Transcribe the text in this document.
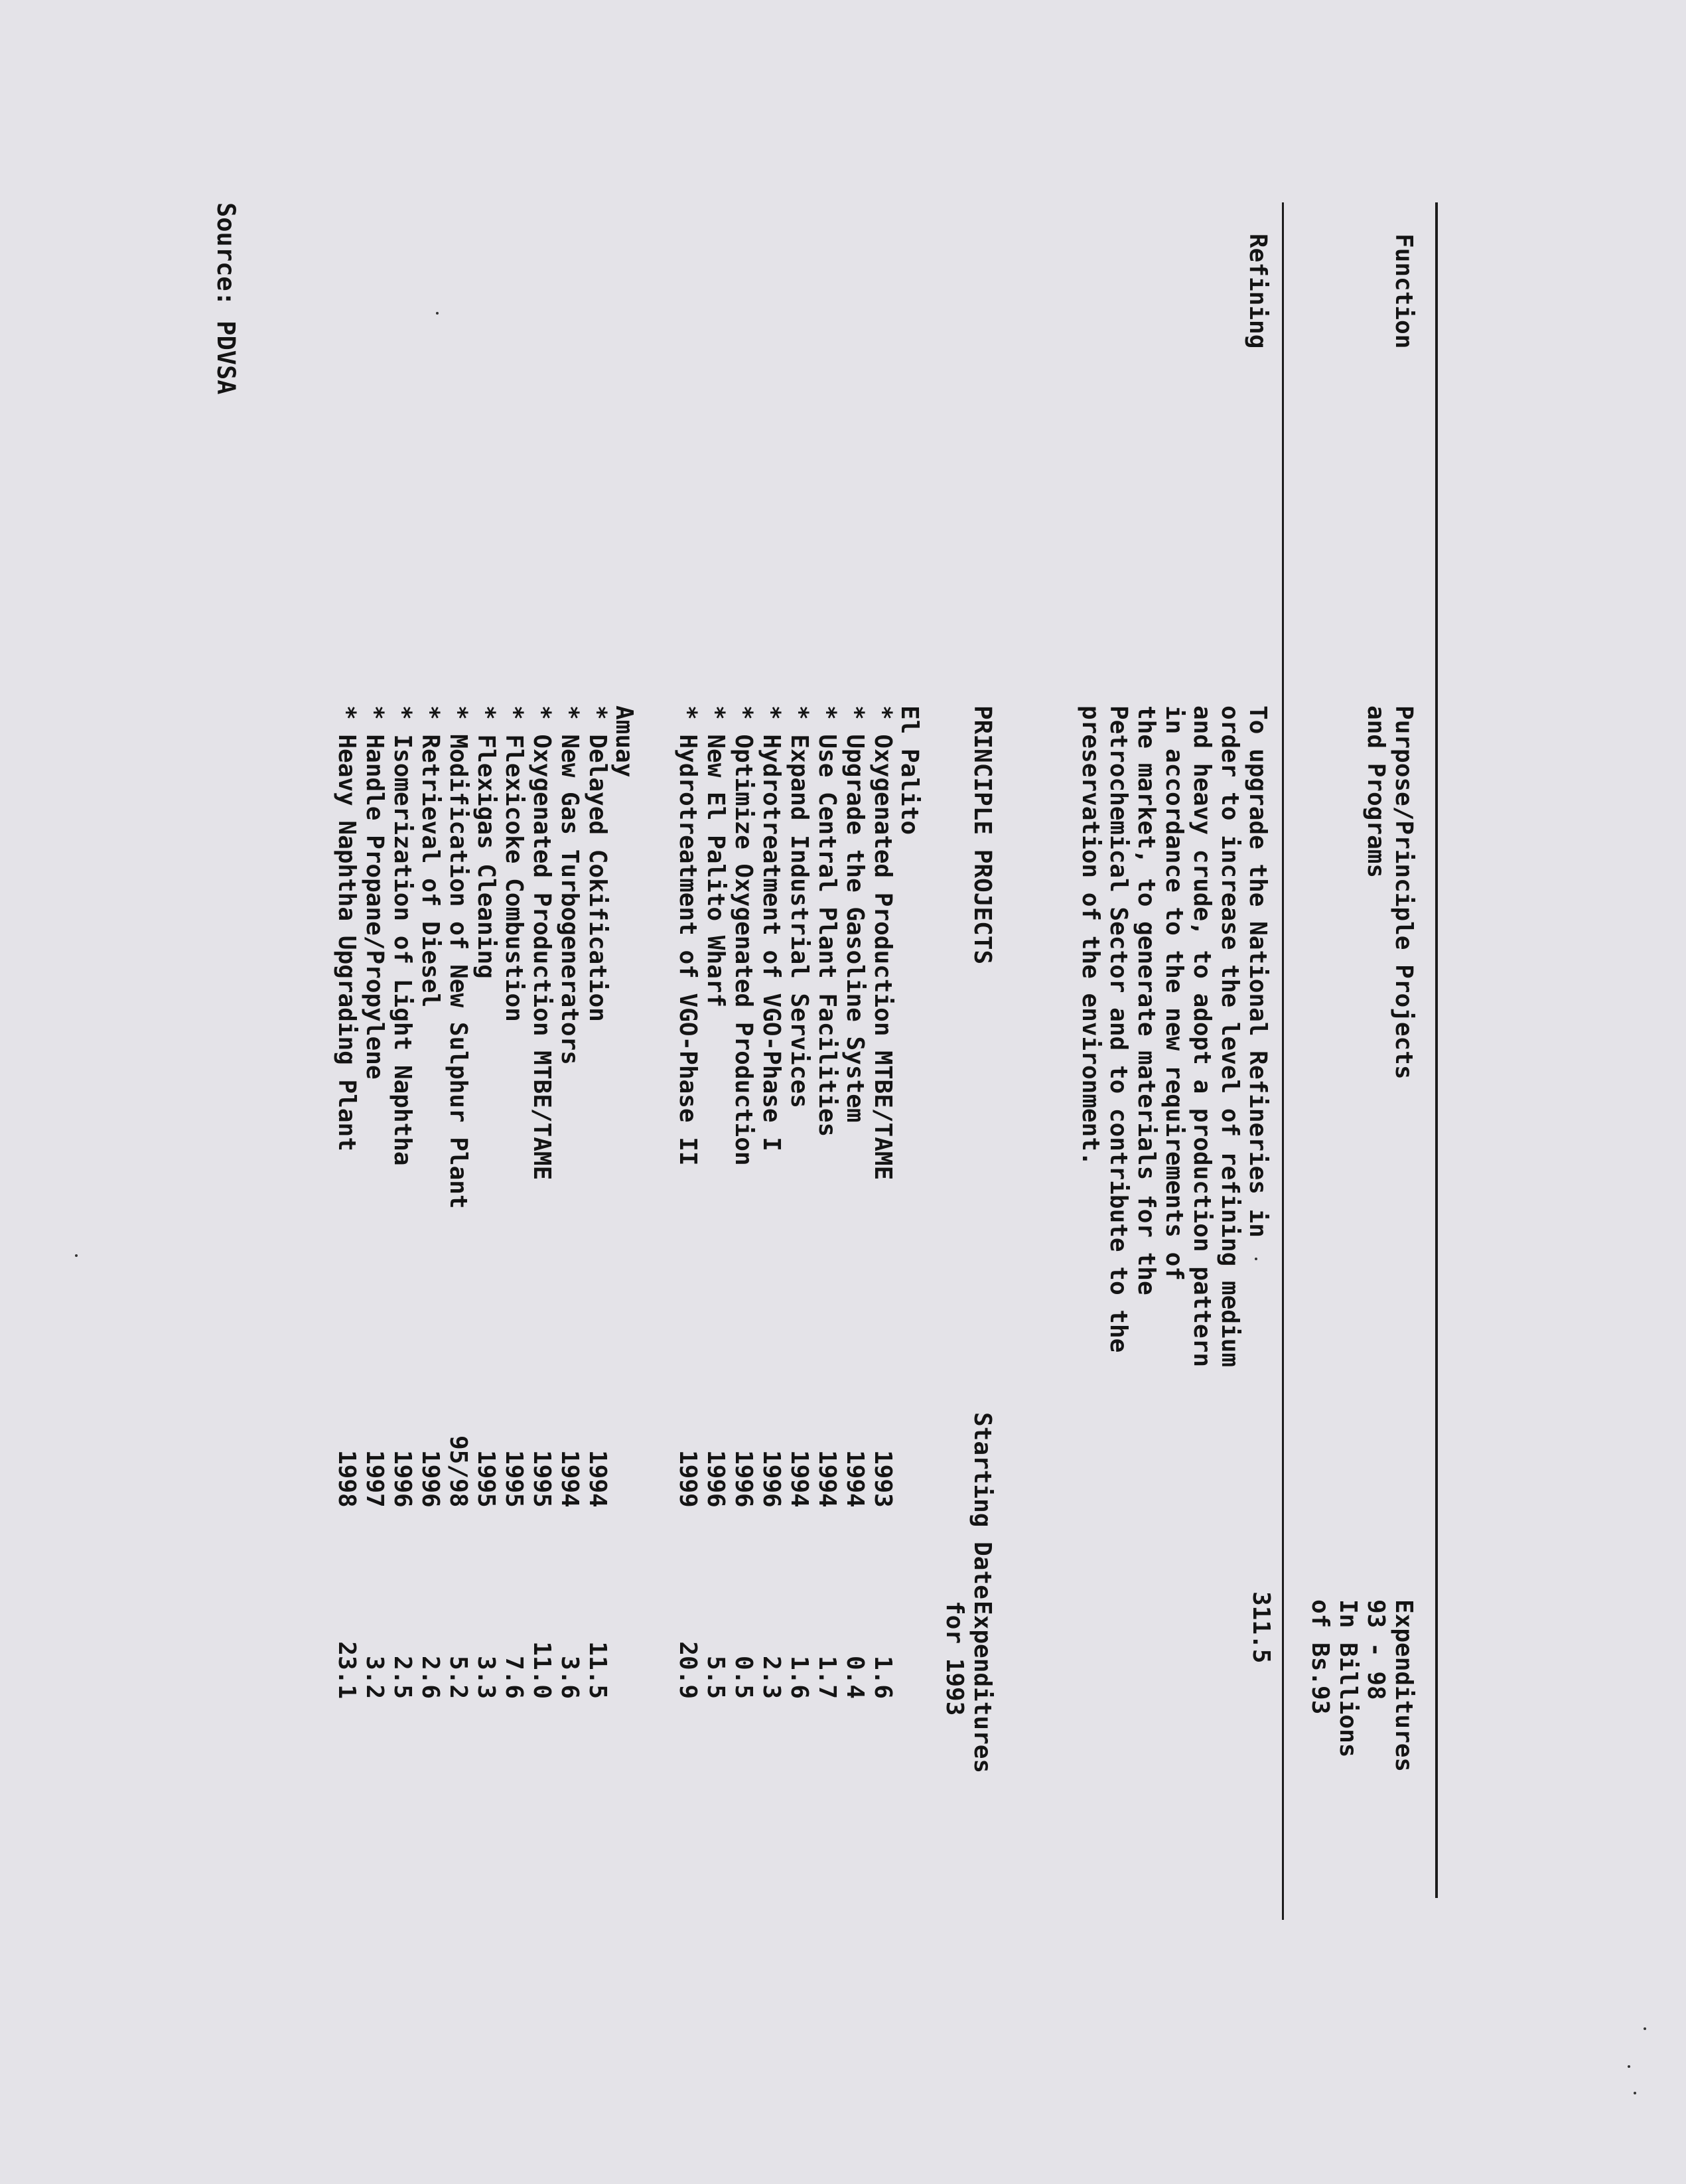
Function
Purpose/Principle Projects
and Programs
Expenditures
93 - 98
In Billions
of Bs.93
Refining
To upgrade the National Refineries in
order to increase the level of refining medium
and heavy crude, to adopt a production pattern
in accordance to the new requirements of
the market, to generate materials for the
Petrochemical Sector and to contribute to the
preservation of the environment.
311.5
PRINCIPLE PROJECTS
Starting Date
Expenditures
for 1993
El Palito
* Oxygenated Production MTBE/TAME
1993
1.6
* Upgrade the Gasoline System
1994
0.4
* Use Central Plant Facilities
1994
1.7
* Expand Industrial Services
1994
1.6
* Hydrotreatment of VGO-Phase I
1996
2.3
* Optimize Oxygenated Production
1996
0.5
* New El Palito Wharf
1996
5.5
* Hydrotreatment of VGO-Phase II
1999
20.9
Amuay
* Delayed Cokification
1994
11.5
* New Gas Turbogenerators
1994
3.6
* Oxygenated Production MTBE/TAME
1995
11.0
* Flexicoke Combustion
1995
7.6
* Flexigas Cleaning
1995
3.3
* Modification of New Sulphur Plant
95/98
5.2
* Retrieval of Diesel
1996
2.6
* Isomerization of Light Naphtha
1996
2.5
* Handle Propane/Propylene
1997
3.2
* Heavy Naphtha Upgrading Plant
1998
23.1
Source: PDVSA
